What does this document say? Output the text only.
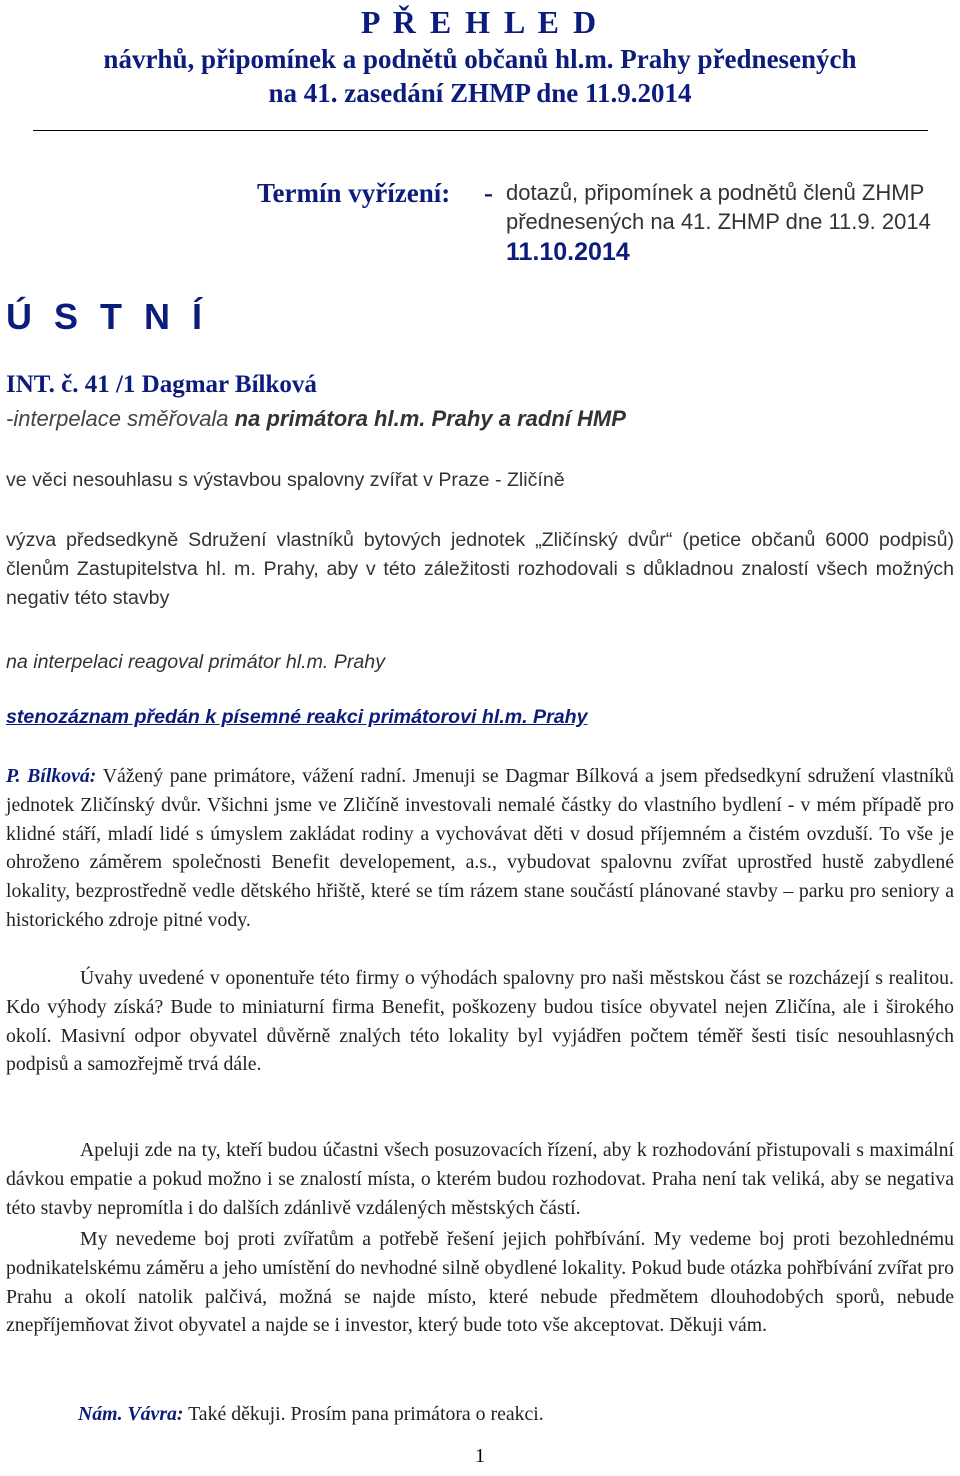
P Ř E H L E D
návrhů, připomínek a podnětů občanů hl.m. Prahy přednesených
na 41. zasedání ZHMP dne 11.9.2014
Termín vyřízení: - dotazů, připomínek a podnětů členů ZHMP
přednesených na 41. ZHMP dne 11.9. 2014
11.10.2014
Ú S T N Í
INT. č. 41 /1 Dagmar Bílková
-interpelace směřovala na primátora hl.m. Prahy a radní HMP
ve věci nesouhlasu s výstavbou spalovny zvířat v Praze - Zličíně
výzva předsedkyně Sdružení vlastníků bytových jednotek „Zličínský dvůr“ (petice občanů 6000 podpisů) členům Zastupitelstva hl. m. Prahy, aby v této záležitosti rozhodovali s důkladnou znalostí všech možných negativ této stavby
na interpelaci reagoval primátor hl.m. Prahy
stenozáznam předán k písemné reakci primátorovi hl.m. Prahy
P. Bílková: Vážený pane primátore, vážení radní. Jmenuji se Dagmar Bílková a jsem předsedkyní sdružení vlastníků jednotek Zličínský dvůr. Všichni jsme ve Zličíně investovali nemalé částky do vlastního bydlení - v mém případě pro klidné stáří, mladí lidé s úmyslem zakládat rodiny a vychovávat děti v dosud příjemném a čistém ovzduší. To vše je ohroženo záměrem společnosti Benefit developement, a.s., vybudovat spalovnu zvířat uprostřed hustě zabydlené lokality, bezprostředně vedle dětského hřiště, které se tím rázem stane součástí plánované stavby – parku pro seniory a historického zdroje pitné vody.
Úvahy uvedené v oponentuře této firmy o výhodách spalovny pro naši městskou část se rozcházejí s realitou. Kdo výhody získá? Bude to miniaturní firma Benefit, poškozeny budou tisíce obyvatel nejen Zličína, ale i širokého okolí. Masivní odpor obyvatel důvěrně znalých této lokality byl vyjádřen počtem téměř šesti tisíc nesouhlasných podpisů a samozřejmě trvá dále.
Apeluji zde na ty, kteří budou účastni všech posuzovacích řízení, aby k rozhodování přistupovali s maximální dávkou empatie a pokud možno i se znalostí místa, o kterém budou rozhodovat. Praha není tak veliká, aby se negativa této stavby nepromítla i do dalších zdánlivě vzdálených městských částí.
My nevedeme boj proti zvířatům a potřebě řešení jejich pohřbívání. My vedeme boj proti bezohlednému podnikatelskému záměru a jeho umístění do nevhodné silně obydlené lokality. Pokud bude otázka pohřbívání zvířat pro Prahu a okolí natolik palčivá, možná se najde místo, které nebude předmětem dlouhodobých sporů, nebude znepříjemňovat život obyvatel a najde se i investor, který bude toto vše akceptovat. Děkuji vám.
Nám. Vávra: Také děkuji. Prosím pana primátora o reakci.
1
